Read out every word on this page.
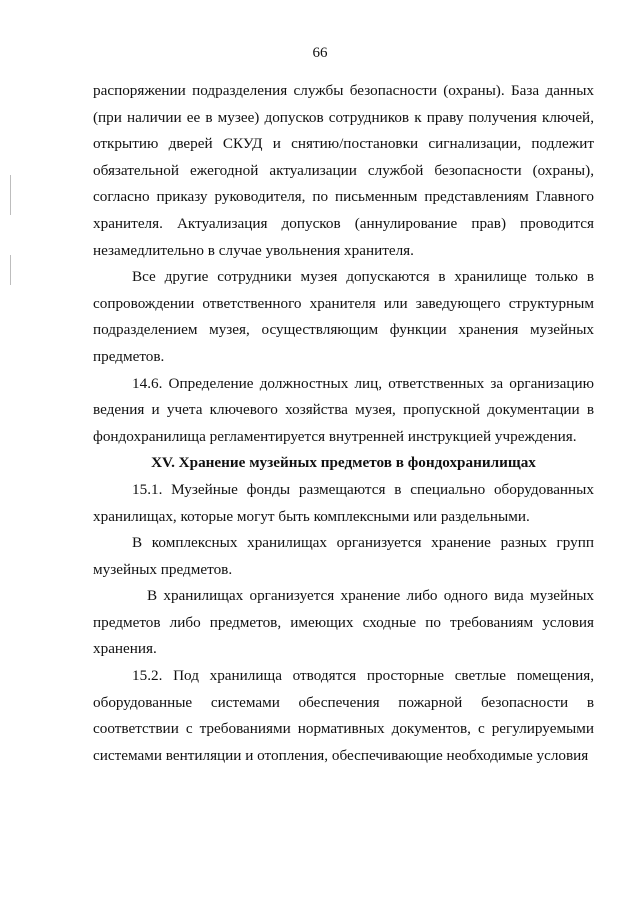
66

распоряжении подразделения службы безопасности (охраны). База данных (при наличии ее в музее) допусков сотрудников к праву получения ключей, открытию дверей СКУД и снятию/постановки сигнализации, подлежит обязательной ежегодной актуализации службой безопасности (охраны), согласно приказу руководителя, по письменным представлениям Главного хранителя. Актуализация допусков (аннулирование прав) проводится незамедлительно в случае увольнения хранителя.

Все другие сотрудники музея допускаются в хранилище только в сопровождении ответственного хранителя или заведующего структурным подразделением музея, осуществляющим функции хранения музейных предметов.

14.6. Определение должностных лиц, ответственных за организацию ведения и учета ключевого хозяйства музея, пропускной документации в фондохранилища регламентируется внутренней инструкцией учреждения.

XV. Хранение музейных предметов в фондохранилищах

15.1. Музейные фонды размещаются в специально оборудованных хранилищах, которые могут быть комплексными или раздельными.

В комплексных хранилищах организуется хранение разных групп музейных предметов.

В хранилищах организуется хранение либо одного вида музейных предметов либо предметов, имеющих сходные по требованиям условия хранения.

15.2. Под хранилища отводятся просторные светлые помещения, оборудованные системами обеспечения пожарной безопасности в соответствии с требованиями нормативных документов, с регулируемыми системами вентиляции и отопления, обеспечивающие необходимые условия
